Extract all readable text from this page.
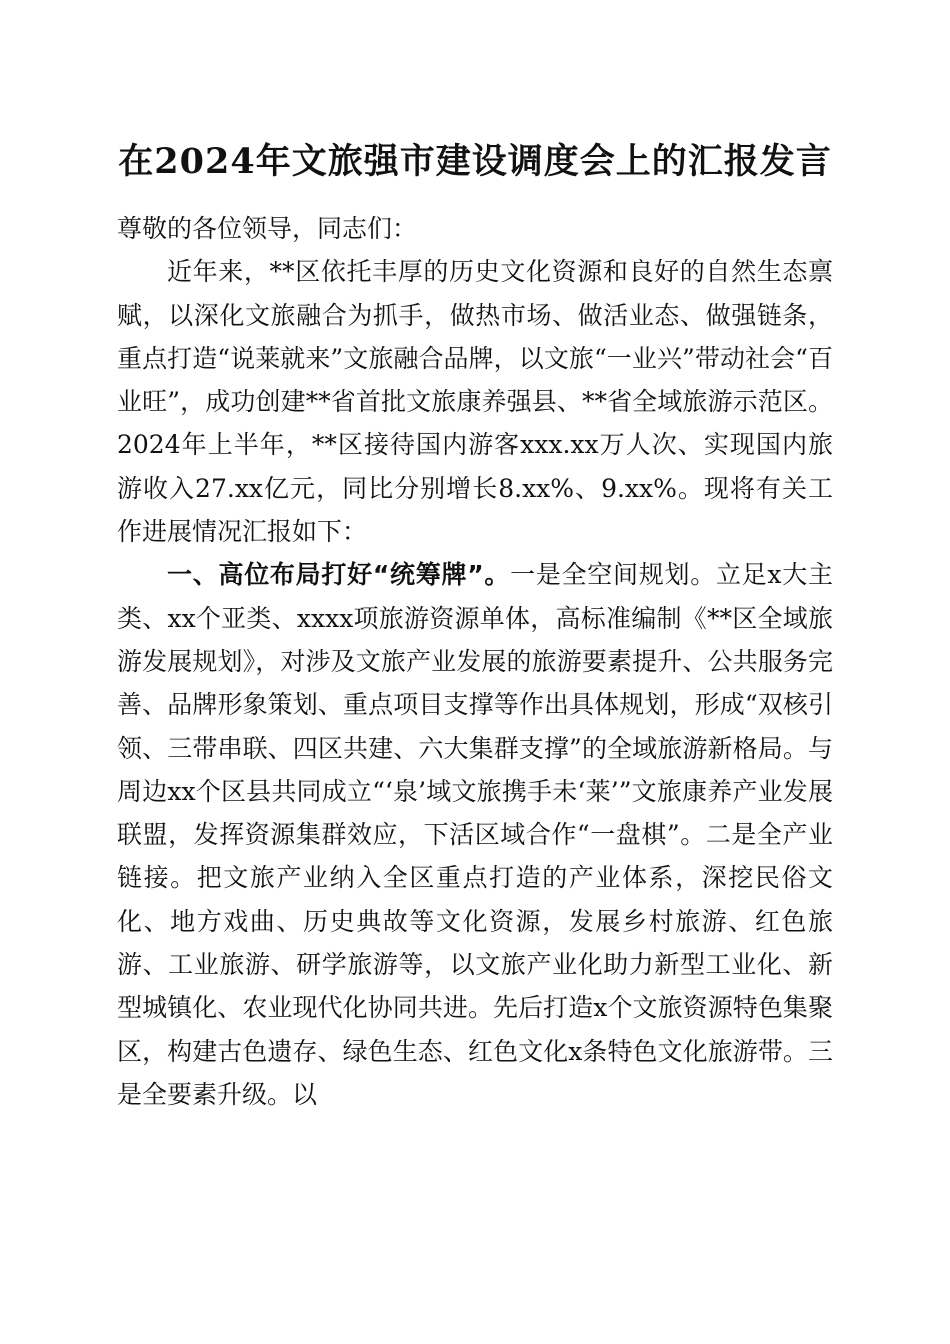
在2024年文旅强市建设调度会上的汇报发言

尊敬的各位领导，同志们：

近年来，**区依托丰厚的历史文化资源和良好的自然生态禀赋，以深化文旅融合为抓手，做热市场、做活业态、做强链条，重点打造“说莱就来”文旅融合品牌，以文旅“一业兴”带动社会“百业旺”，成功创建**省首批文旅康养强县、**省全域旅游示范区。2024年上半年，**区接待国内游客xxx.xx万人次、实现国内旅游收入27.xx亿元，同比分别增长8.xx%、9.xx%。现将有关工作进展情况汇报如下：

一、高位布局打好“统筹牌”。一是全空间规划。立足x大主类、xx个亚类、xxxx项旅游资源单体，高标准编制《**区全域旅游发展规划》，对涉及文旅产业发展的旅游要素提升、公共服务完善、品牌形象策划、重点项目支撑等作出具体规划，形成“双核引领、三带串联、四区共建、六大集群支撑”的全域旅游新格局。与周边xx个区县共同成立“‘泉’域文旅携手未‘莱’”文旅康养产业发展联盟，发挥资源集群效应，下活区域合作“一盘棋”。二是全产业链接。把文旅产业纳入全区重点打造的产业体系，深挖民俗文化、地方戏曲、历史典故等文化资源，发展乡村旅游、红色旅游、工业旅游、研学旅游等，以文旅产业化助力新型工业化、新型城镇化、农业现代化协同共进。先后打造x个文旅资源特色集聚区，构建古色遗存、绿色生态、红色文化x条特色文化旅游带。三是全要素升级。以
